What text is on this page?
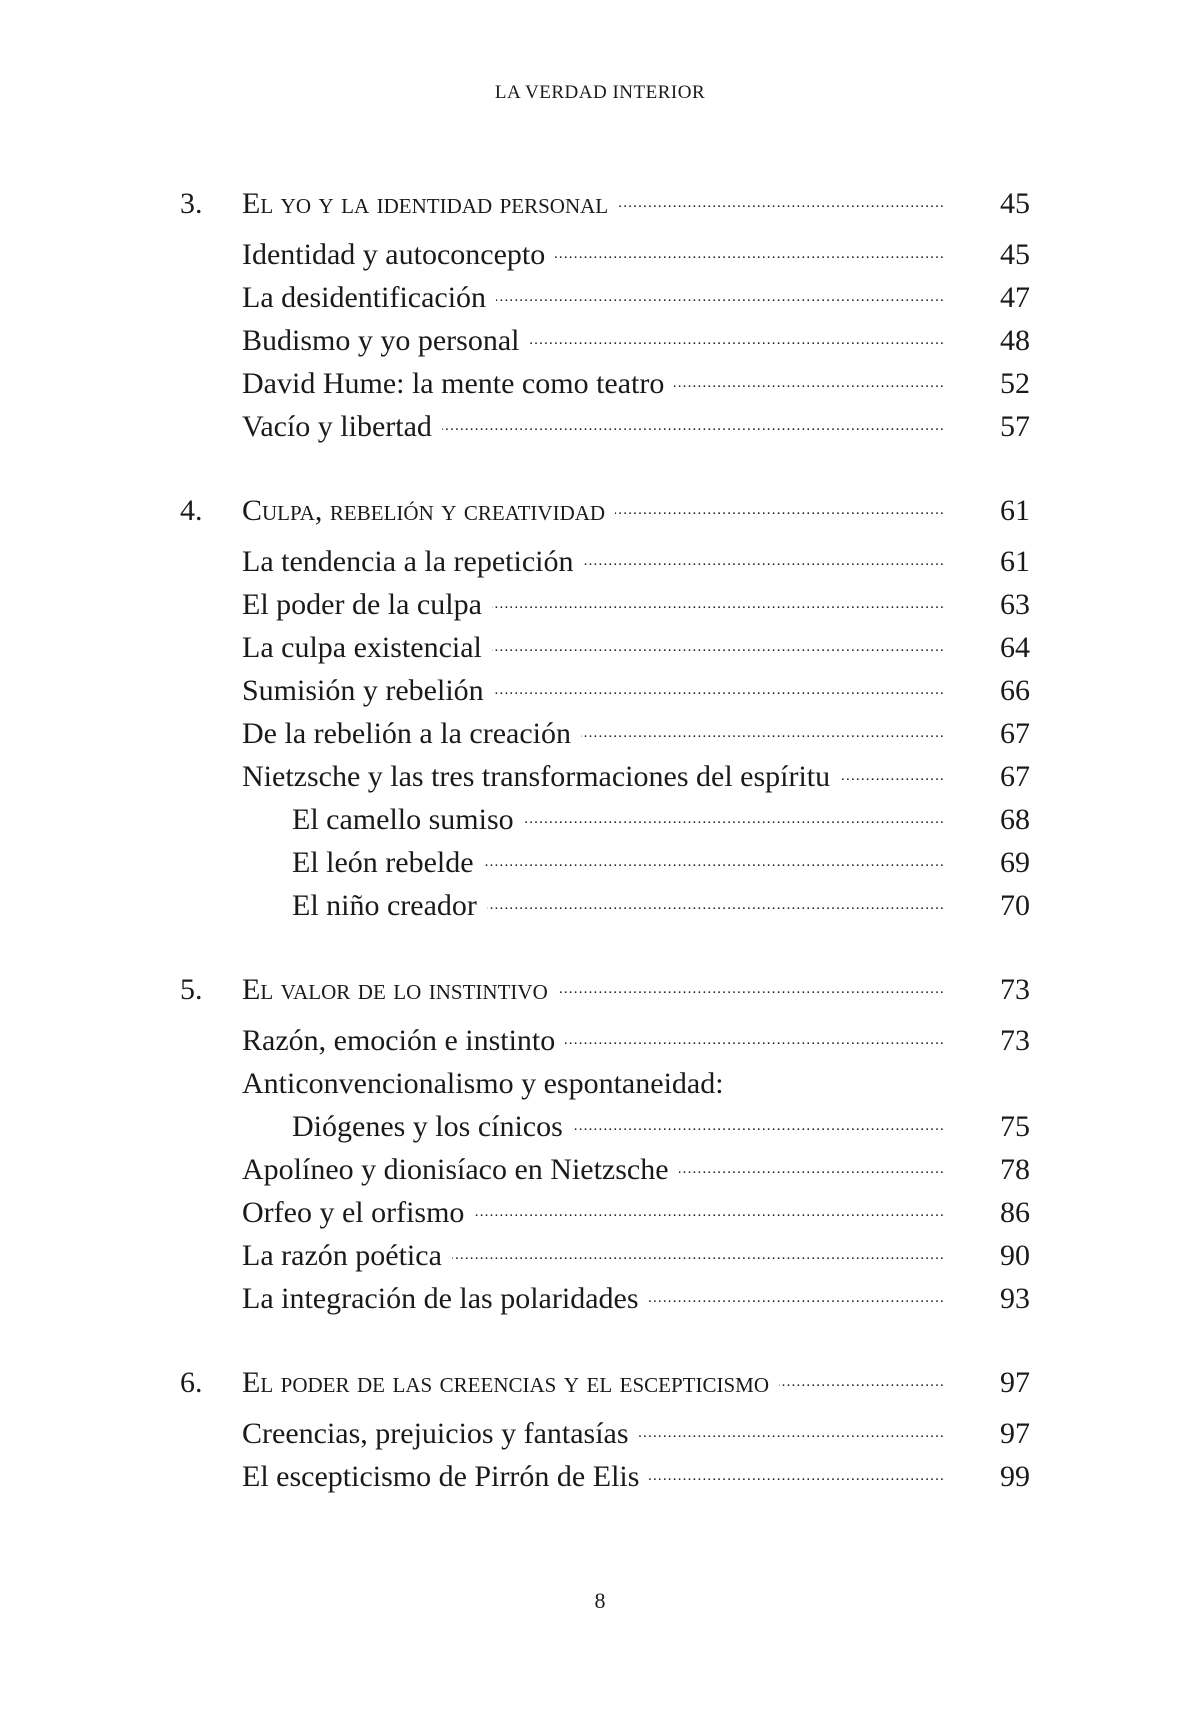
LA VERDAD INTERIOR
3. El yo y la identidad personal .....	45
Identidad y autoconcepto .....	45
La desidentificación .....	47
Budismo y yo personal .....	48
David Hume: la mente como teatro .....	52
Vacío y libertad .....	57
4. Culpa, rebelión y creatividad .....	61
La tendencia a la repetición .....	61
El poder de la culpa .....	63
La culpa existencial .....	64
Sumisión y rebelión .....	66
De la rebelión a la creación .....	67
Nietzsche y las tres transformaciones del espíritu .....	67
El camello sumiso .....	68
El león rebelde .....	69
El niño creador .....	70
5. El valor de lo instintivo .....	73
Razón, emoción e instinto .....	73
Anticonvencionalismo y espontaneidad:
Diógenes y los cínicos .....	75
Apolíneo y dionisíaco en Nietzsche .....	78
Orfeo y el orfismo .....	86
La razón poética .....	90
La integración de las polaridades .....	93
6. El poder de las creencias y el escepticismo .....	97
Creencias, prejuicios y fantasías .....	97
El escepticismo de Pirrón de Elis .....	99
8
